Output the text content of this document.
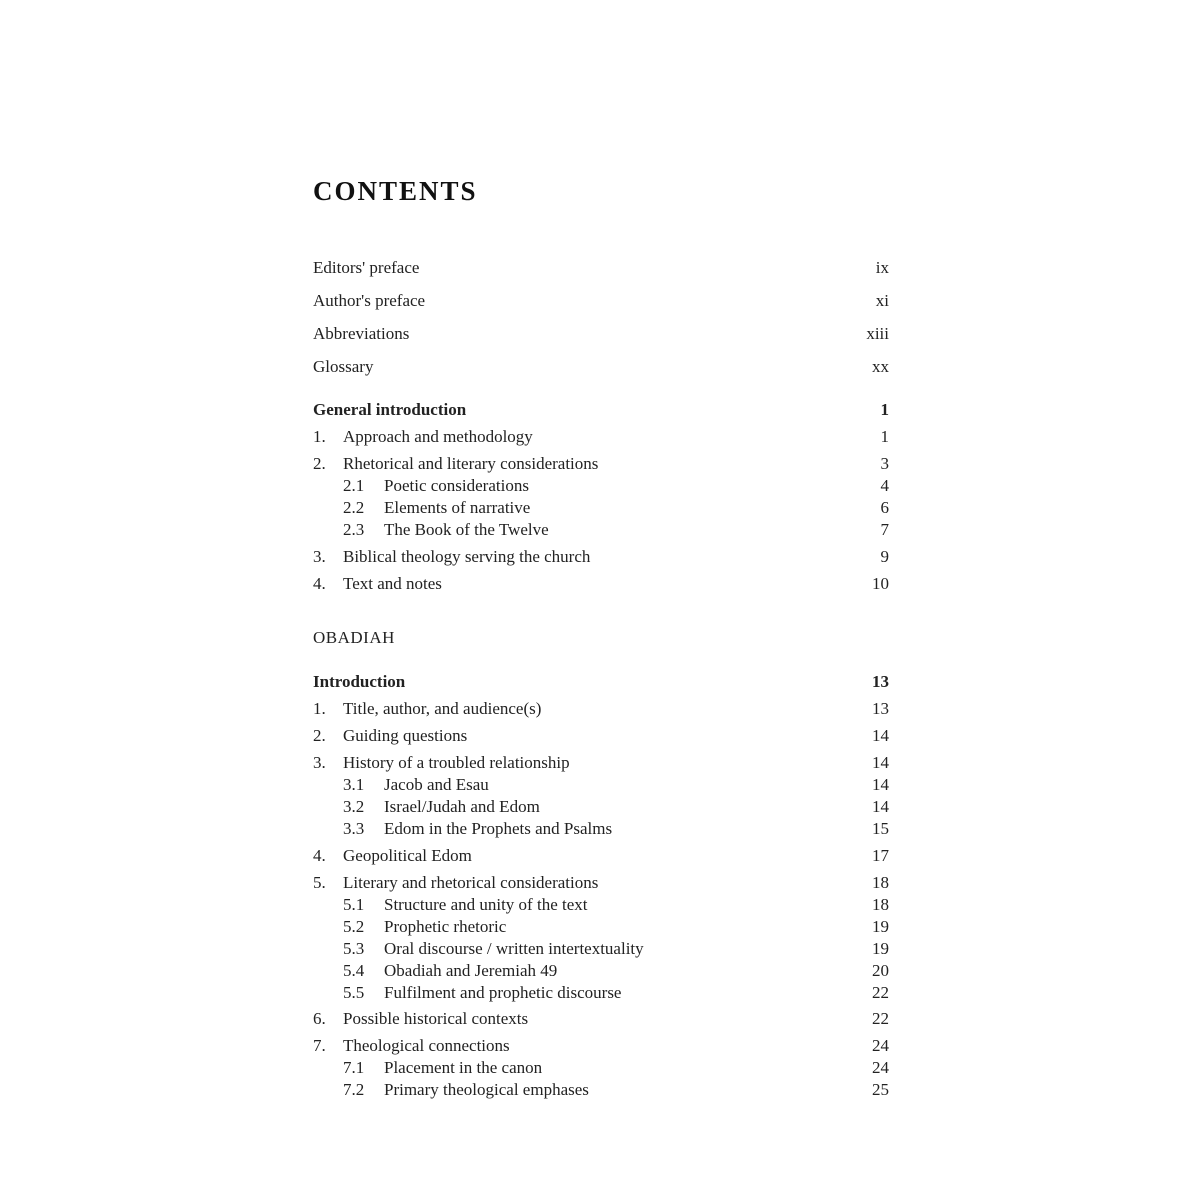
CONTENTS
Editors' preface	ix
Author's preface	xi
Abbreviations	xiii
Glossary	xx
General introduction	1
1. Approach and methodology	1
2. Rhetorical and literary considerations	3
2.1 Poetic considerations	4
2.2 Elements of narrative	6
2.3 The Book of the Twelve	7
3. Biblical theology serving the church	9
4. Text and notes	10
OBADIAH
Introduction	13
1. Title, author, and audience(s)	13
2. Guiding questions	14
3. History of a troubled relationship	14
3.1 Jacob and Esau	14
3.2 Israel/Judah and Edom	14
3.3 Edom in the Prophets and Psalms	15
4. Geopolitical Edom	17
5. Literary and rhetorical considerations	18
5.1 Structure and unity of the text	18
5.2 Prophetic rhetoric	19
5.3 Oral discourse / written intertextuality	19
5.4 Obadiah and Jeremiah 49	20
5.5 Fulfilment and prophetic discourse	22
6. Possible historical contexts	22
7. Theological connections	24
7.1 Placement in the canon	24
7.2 Primary theological emphases	25
